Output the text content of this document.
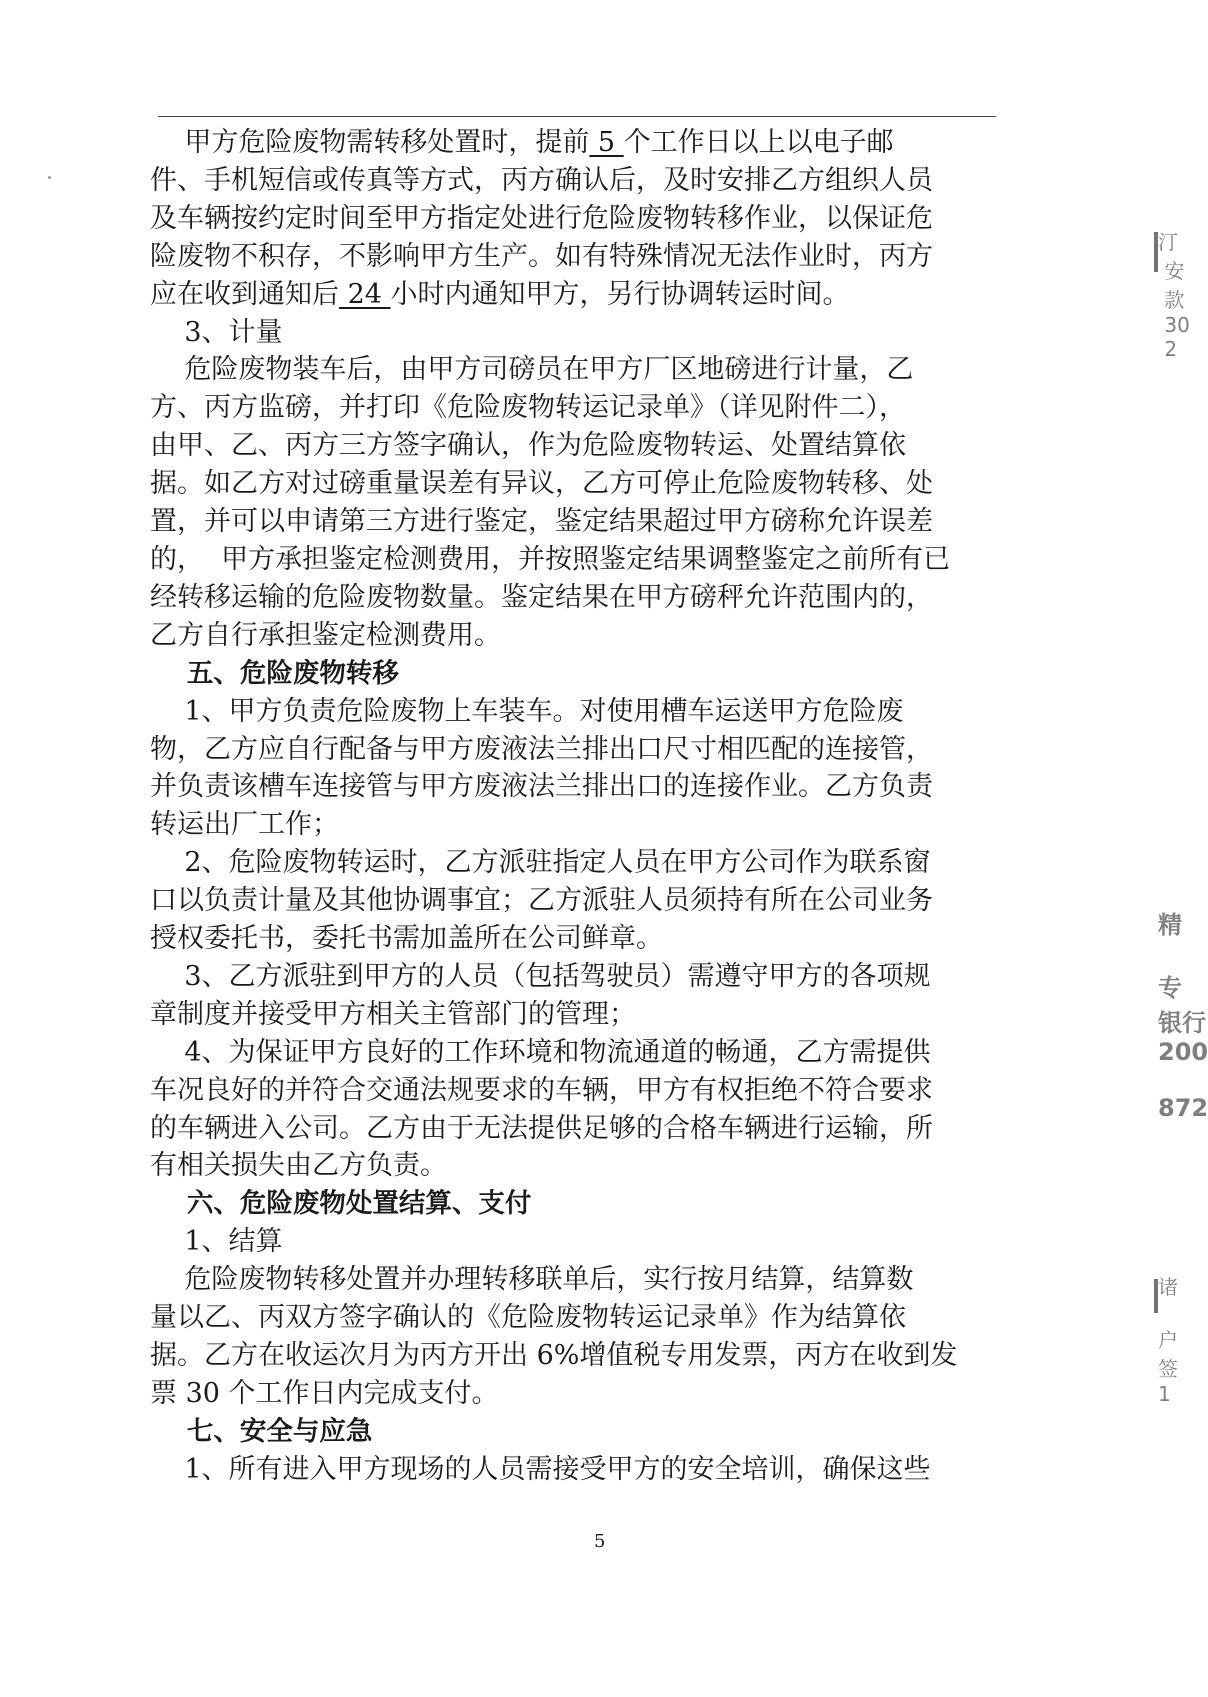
甲方危险废物需转移处置时，提前 5 个工作日以上以电子邮
件、手机短信或传真等方式，丙方确认后，及时安排乙方组织人员
及车辆按约定时间至甲方指定处进行危险废物转移作业，以保证危
险废物不积存，不影响甲方生产。如有特殊情况无法作业时，丙方
应在收到通知后 24 小时内通知甲方，另行协调转运时间。
3、计量
危险废物装车后，由甲方司磅员在甲方厂区地磅进行计量，乙
方、丙方监磅，并打印《危险废物转运记录单》（详见附件二），
由甲、乙、丙方三方签字确认，作为危险废物转运、处置结算依
据。如乙方对过磅重量误差有异议，乙方可停止危险废物转移、处
置，并可以申请第三方进行鉴定，鉴定结果超过甲方磅称允许误差
的，  甲方承担鉴定检测费用，并按照鉴定结果调整鉴定之前所有已
经转移运输的危险废物数量。鉴定结果在甲方磅秤允许范围内的，
乙方自行承担鉴定检测费用。
五、危险废物转移
1、甲方负责危险废物上车装车。对使用槽车运送甲方危险废
物，乙方应自行配备与甲方废液法兰排出口尺寸相匹配的连接管，
并负责该槽车连接管与甲方废液法兰排出口的连接作业。乙方负责
转运出厂工作；
2、危险废物转运时，乙方派驻指定人员在甲方公司作为联系窗
口以负责计量及其他协调事宜；乙方派驻人员须持有所在公司业务
授权委托书，委托书需加盖所在公司鲜章。
3、乙方派驻到甲方的人员（包括驾驶员）需遵守甲方的各项规
章制度并接受甲方相关主管部门的管理；
4、为保证甲方良好的工作环境和物流通道的畅通，乙方需提供
车况良好的并符合交通法规要求的车辆，甲方有权拒绝不符合要求
的车辆进入公司。乙方由于无法提供足够的合格车辆进行运输，所
有相关损失由乙方负责。
六、危险废物处置结算、支付
1、结算
危险废物转移处置并办理转移联单后，实行按月结算，结算数
量以乙、丙双方签字确认的《危险废物转运记录单》作为结算依
据。乙方在收运次月为丙方开出 6%增值税专用发票，丙方在收到发
票 30 个工作日内完成支付。
七、安全与应急
1、所有进入甲方现场的人员需接受甲方的安全培训，确保这些
5
汀
安
款
30
2
精

专
银行
200

872
诸

户
签
1
